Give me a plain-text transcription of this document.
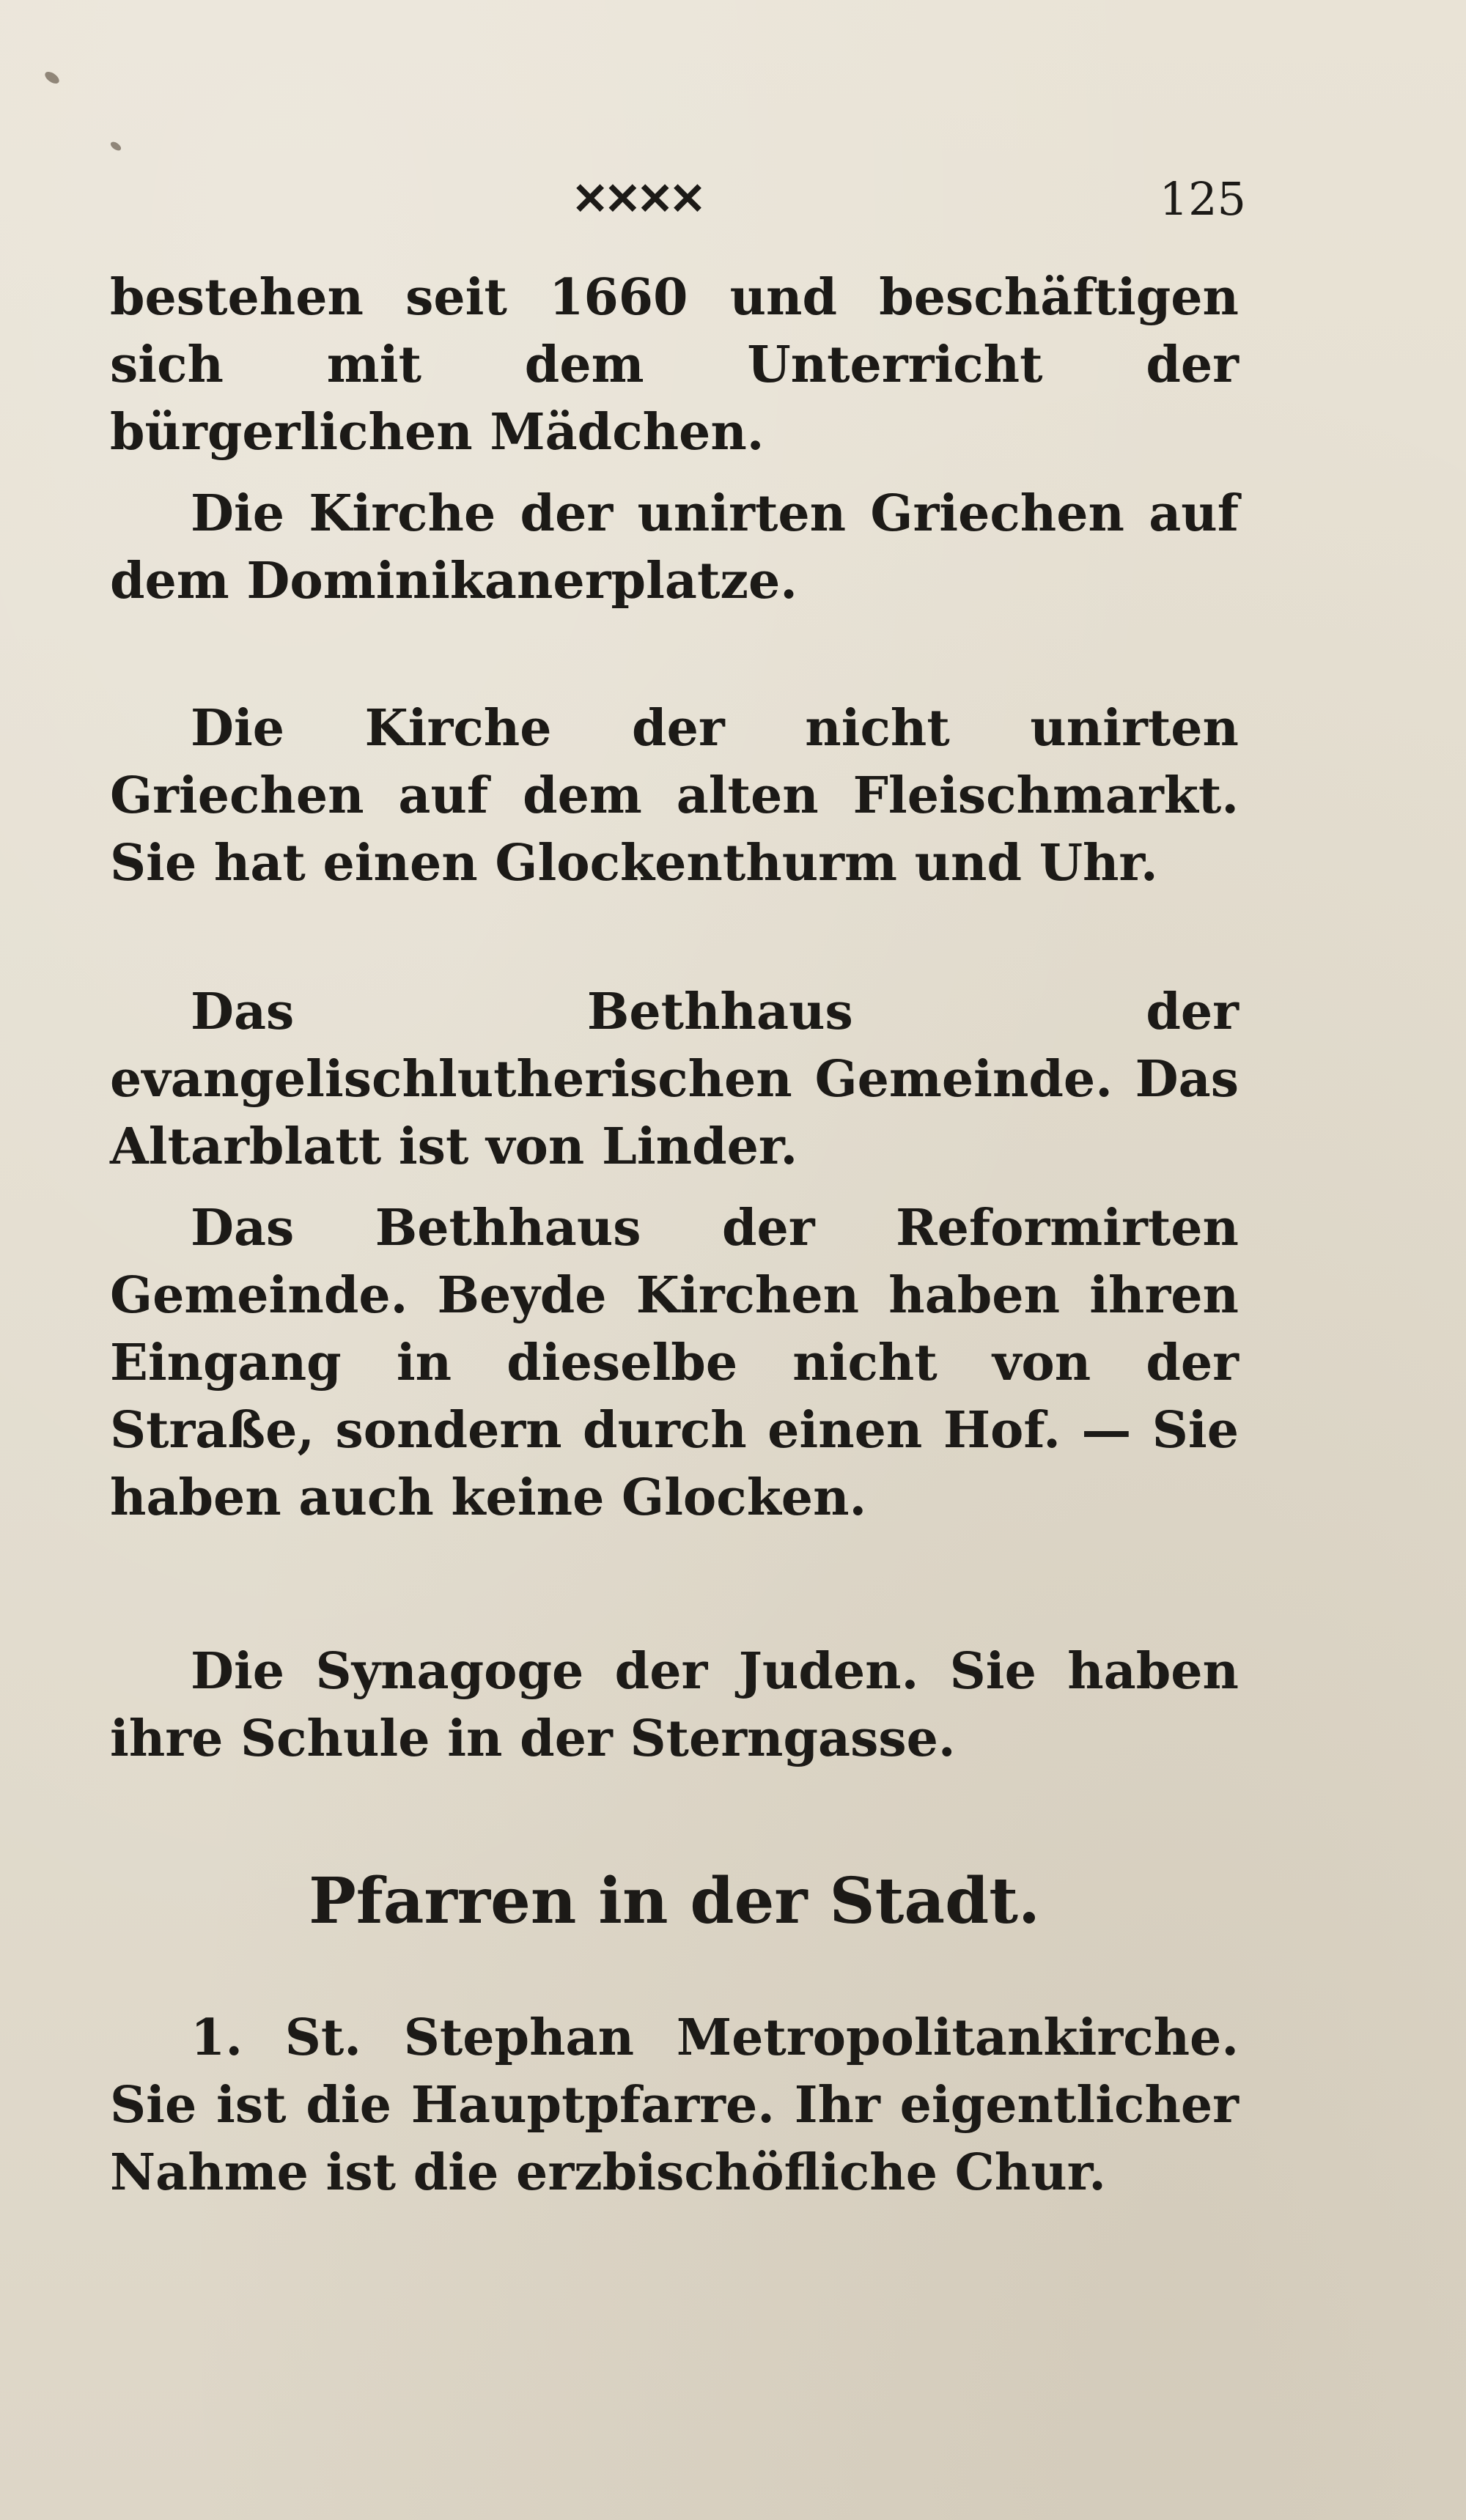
✕✕✕✕	125

bestehen seit 1660 und beschäftigen sich mit dem Unterricht der bürgerlichen Mädchen.

Die Kirche der unirten Griechen auf dem Dominikanerplatze.

Die Kirche der nicht unirten Griechen auf dem alten Fleischmarkt. Sie hat einen Glockenthurm und Uhr.

Das Bethhaus der evangelischlutherischen Gemeinde. Das Altarblatt ist von Linder.

Das Bethhaus der Reformirten Gemeinde. Beyde Kirchen haben ihren Eingang in dieselbe nicht von der Straße, sondern durch einen Hof. — Sie haben auch keine Glocken.

Die Synagoge der Juden. Sie haben ihre Schule in der Sterngasse.

Pfarren in der Stadt.

1. St. Stephan Metropolitankirche. Sie ist die Hauptpfarre. Ihr eigentlicher Nahme ist die erzbischöfliche Chur.
